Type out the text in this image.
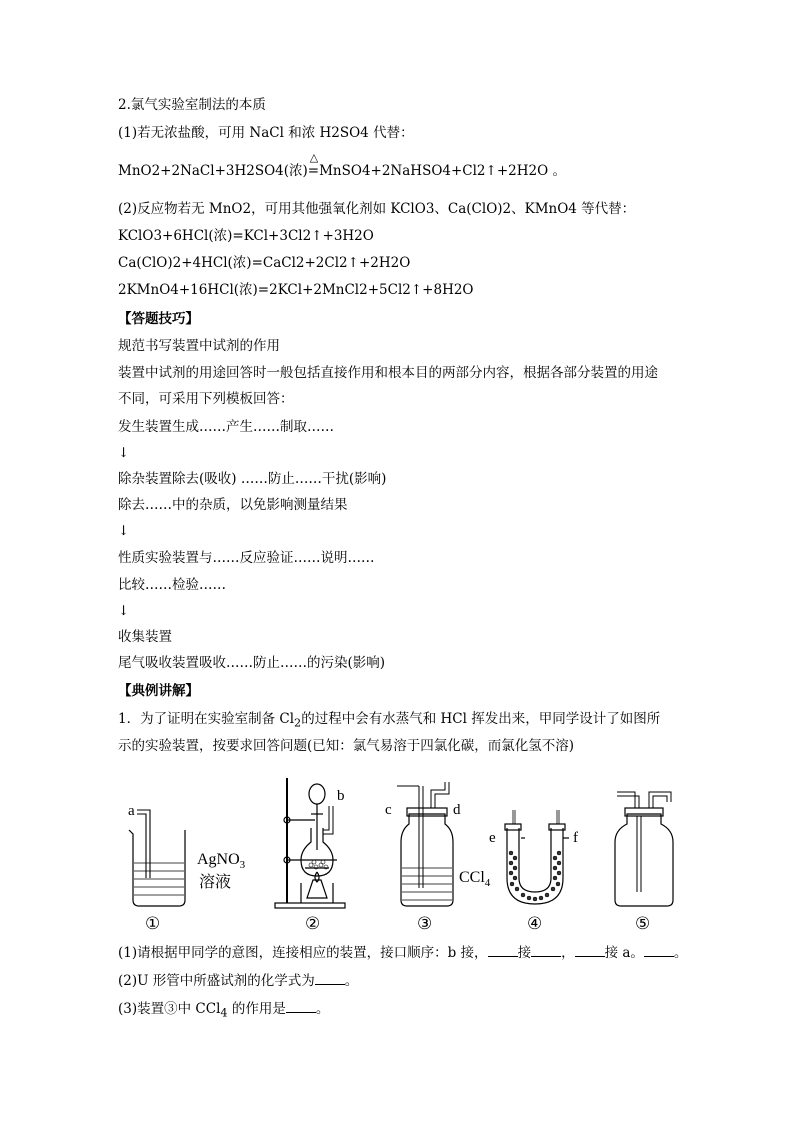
2.氯气实验室制法的本质
(1)若无浓盐酸，可用 NaCl 和浓 H2SO4 代替：
MnO2+2NaCl+3H2SO4(浓)
△
=MnSO4+2NaHSO4+Cl2↑+2H2O 。
(2)反应物若无 MnO2，可用其他强氧化剂如 KClO3、Ca(ClO)2、KMnO4 等代替：
KClO3+6HCl(浓)=KCl+3Cl2↑+3H2O
Ca(ClO)2+4HCl(浓)=CaCl2+2Cl2↑+2H2O
2KMnO4+16HCl(浓)=2KCl+2MnCl2+5Cl2↑+8H2O
【答题技巧】
规范书写装置中试剂的作用
装置中试剂的用途回答时一般包括直接作用和根本目的两部分内容，根据各部分装置的用途
不同，可采用下列模板回答：
发生装置生成……产生……制取……
↓
除杂装置除去(吸收) ……防止……干扰(影响)
除去……中的杂质，以免影响测量结果
↓
性质实验装置与……反应验证……说明……
比较……检验……
↓
收集装置
尾气吸收装置吸收……防止……的污染(影响)
【典例讲解】
1．为了证明在实验室制备 $Cl_2$的过程中会有水蒸气和 HCl 挥发出来，甲同学设计了如图所
示的实验装置，按要求回答问题(已知：氯气易溶于四氯化碳，而氯化氢不溶)
a
AgNO$_3$
溶液
①
b
②
c	d
CCl$_4$
③
e	f
④	⑤
(1)请根据甲同学的意图，连接相应的装置，接口顺序：b 接， 接 ， 接 a。 。
(2)U 形管中所盛试剂的化学式为 。
(3)装置③中 CCl$_4$ 的作用是 。
